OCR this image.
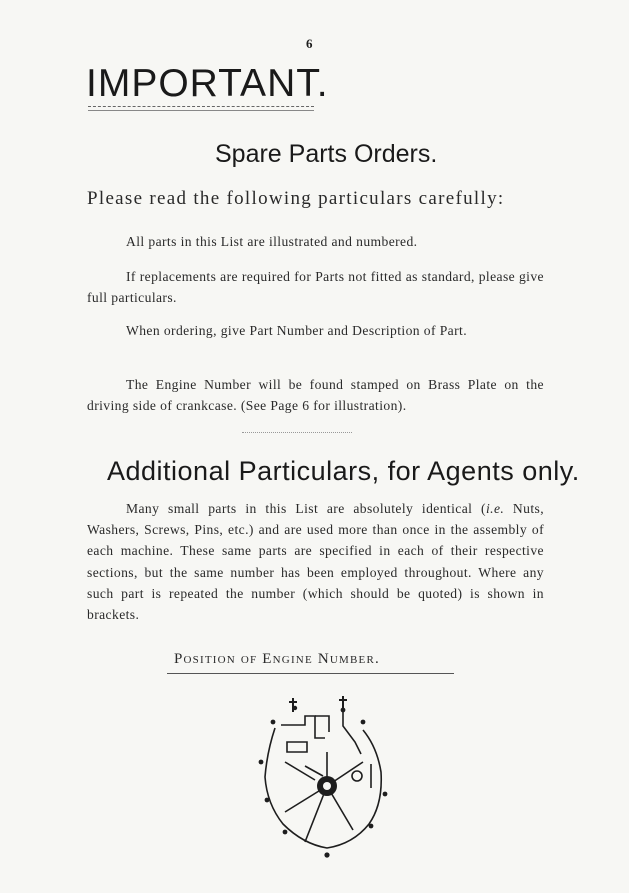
6
IMPORTANT.
Spare Parts Orders.
Please read the following particulars carefully:
All parts in this List are illustrated and numbered.
If replacements are required for Parts not fitted as standard, please give full particulars.
When ordering, give Part Number and Description of Part.
The Engine Number will be found stamped on Brass Plate on the driving side of crankcase. (See Page 6 for illustration).
Additional Particulars, for Agents only.
Many small parts in this List are absolutely identical (i.e. Nuts, Washers, Screws, Pins, etc.) and are used more than once in the assembly of each machine. These same parts are specified in each of their respective sections, but the same number has been employed throughout. Where any such part is repeated the number (which should be quoted) is shown in brackets.
Position of Engine Number.
